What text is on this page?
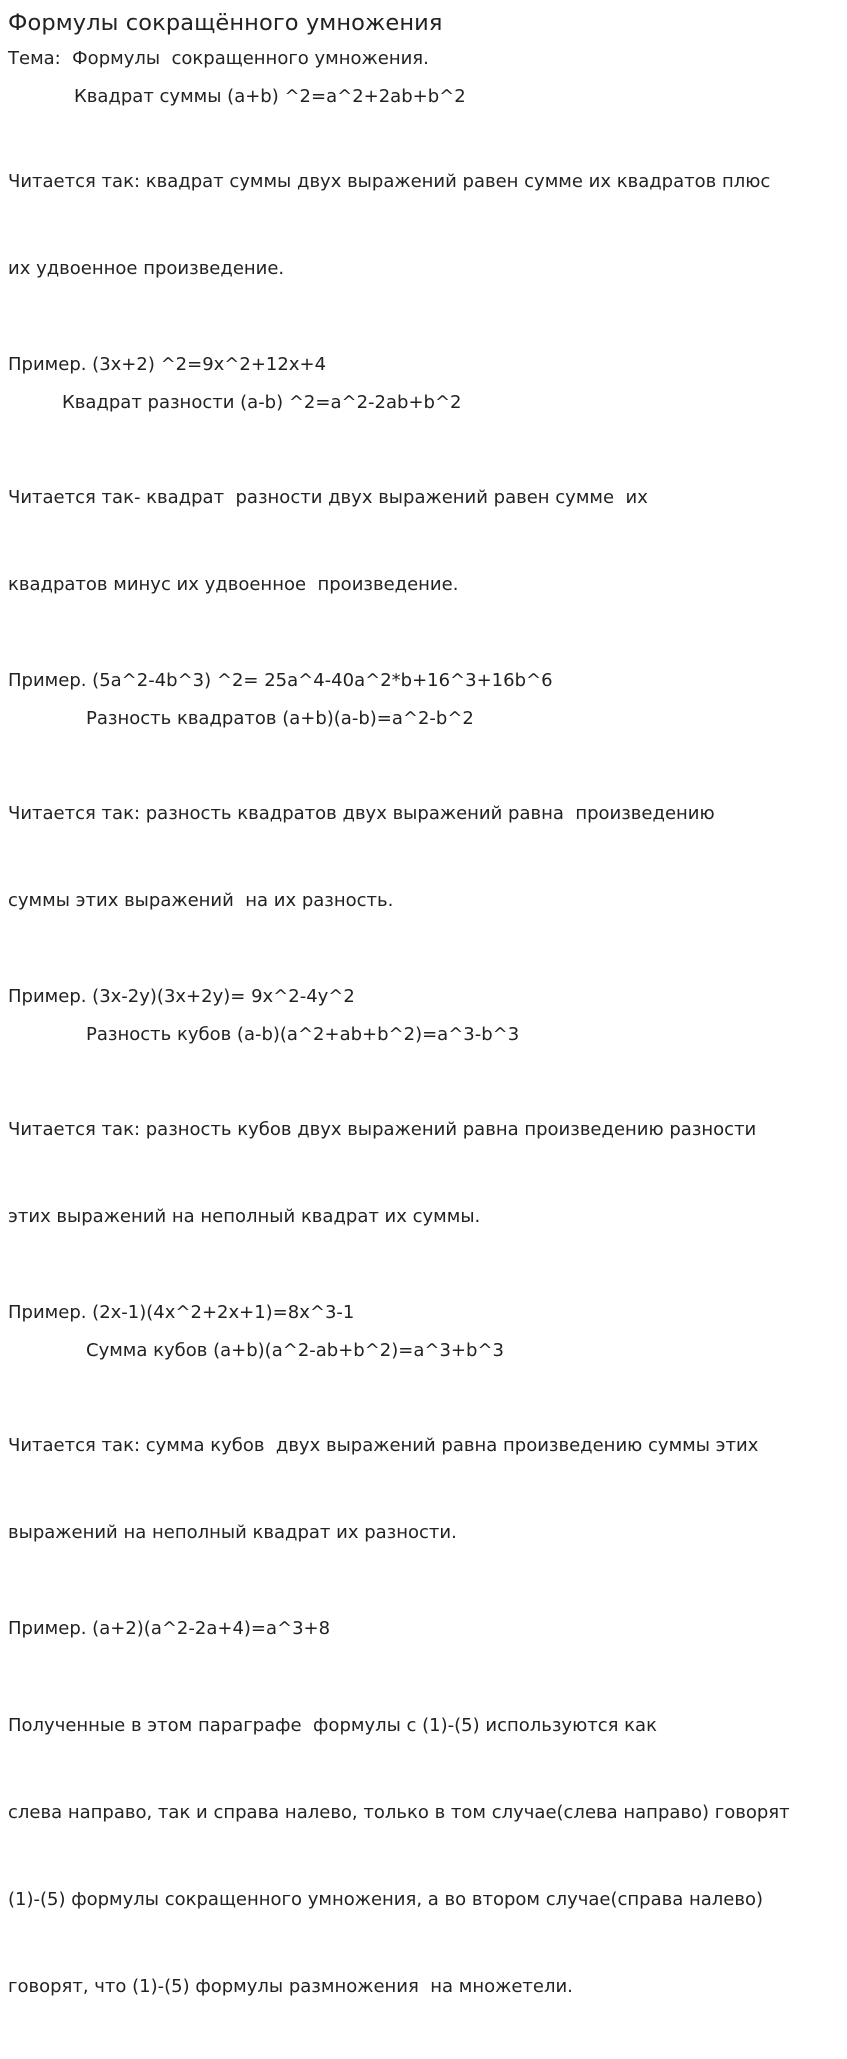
Формулы сокращённого умножения
Тема:  Формулы  сокращенного умножения.
Квадрат суммы (a+b) ^2=a^2+2ab+b^2

Читается так: квадрат суммы двух выражений равен сумме их квадратов плюс

их удвоенное произведение.

Пример. (3х+2) ^2=9х^2+12х+4
Квадрат разности (a-b) ^2=a^2-2ab+b^2

Читается так- квадрат  разности двух выражений равен сумме  их

квадратов минус их удвоенное  произведение.

Пример. (5a^2-4b^3) ^2= 25a^4-40a^2*b+16^3+16b^6
Разность квадратов (a+b)(a-b)=a^2-b^2

Читается так: разность квадратов двух выражений равна  произведению

суммы этих выражений  на их разность.

Пример. (3x-2y)(3x+2y)= 9x^2-4y^2
Разность кубов (a-b)(a^2+ab+b^2)=a^3-b^3

Читается так: разность кубов двух выражений равна произведению разности

этих выражений на неполный квадрат их суммы.

Пример. (2x-1)(4x^2+2x+1)=8x^3-1
Сумма кубов (a+b)(a^2-ab+b^2)=a^3+b^3

Читается так: сумма кубов  двух выражений равна произведению суммы этих

выражений на неполный квадрат их разности.

Пример. (a+2)(a^2-2a+4)=a^3+8

Полученные в этом параграфе  формулы с (1)-(5) используются как

слева направо, так и справа налево, только в том случае(слева направо) говорят

(1)-(5) формулы сокращенного умножения, а во втором случае(справа налево)

говорят, что (1)-(5) формулы размножения  на множетели.
